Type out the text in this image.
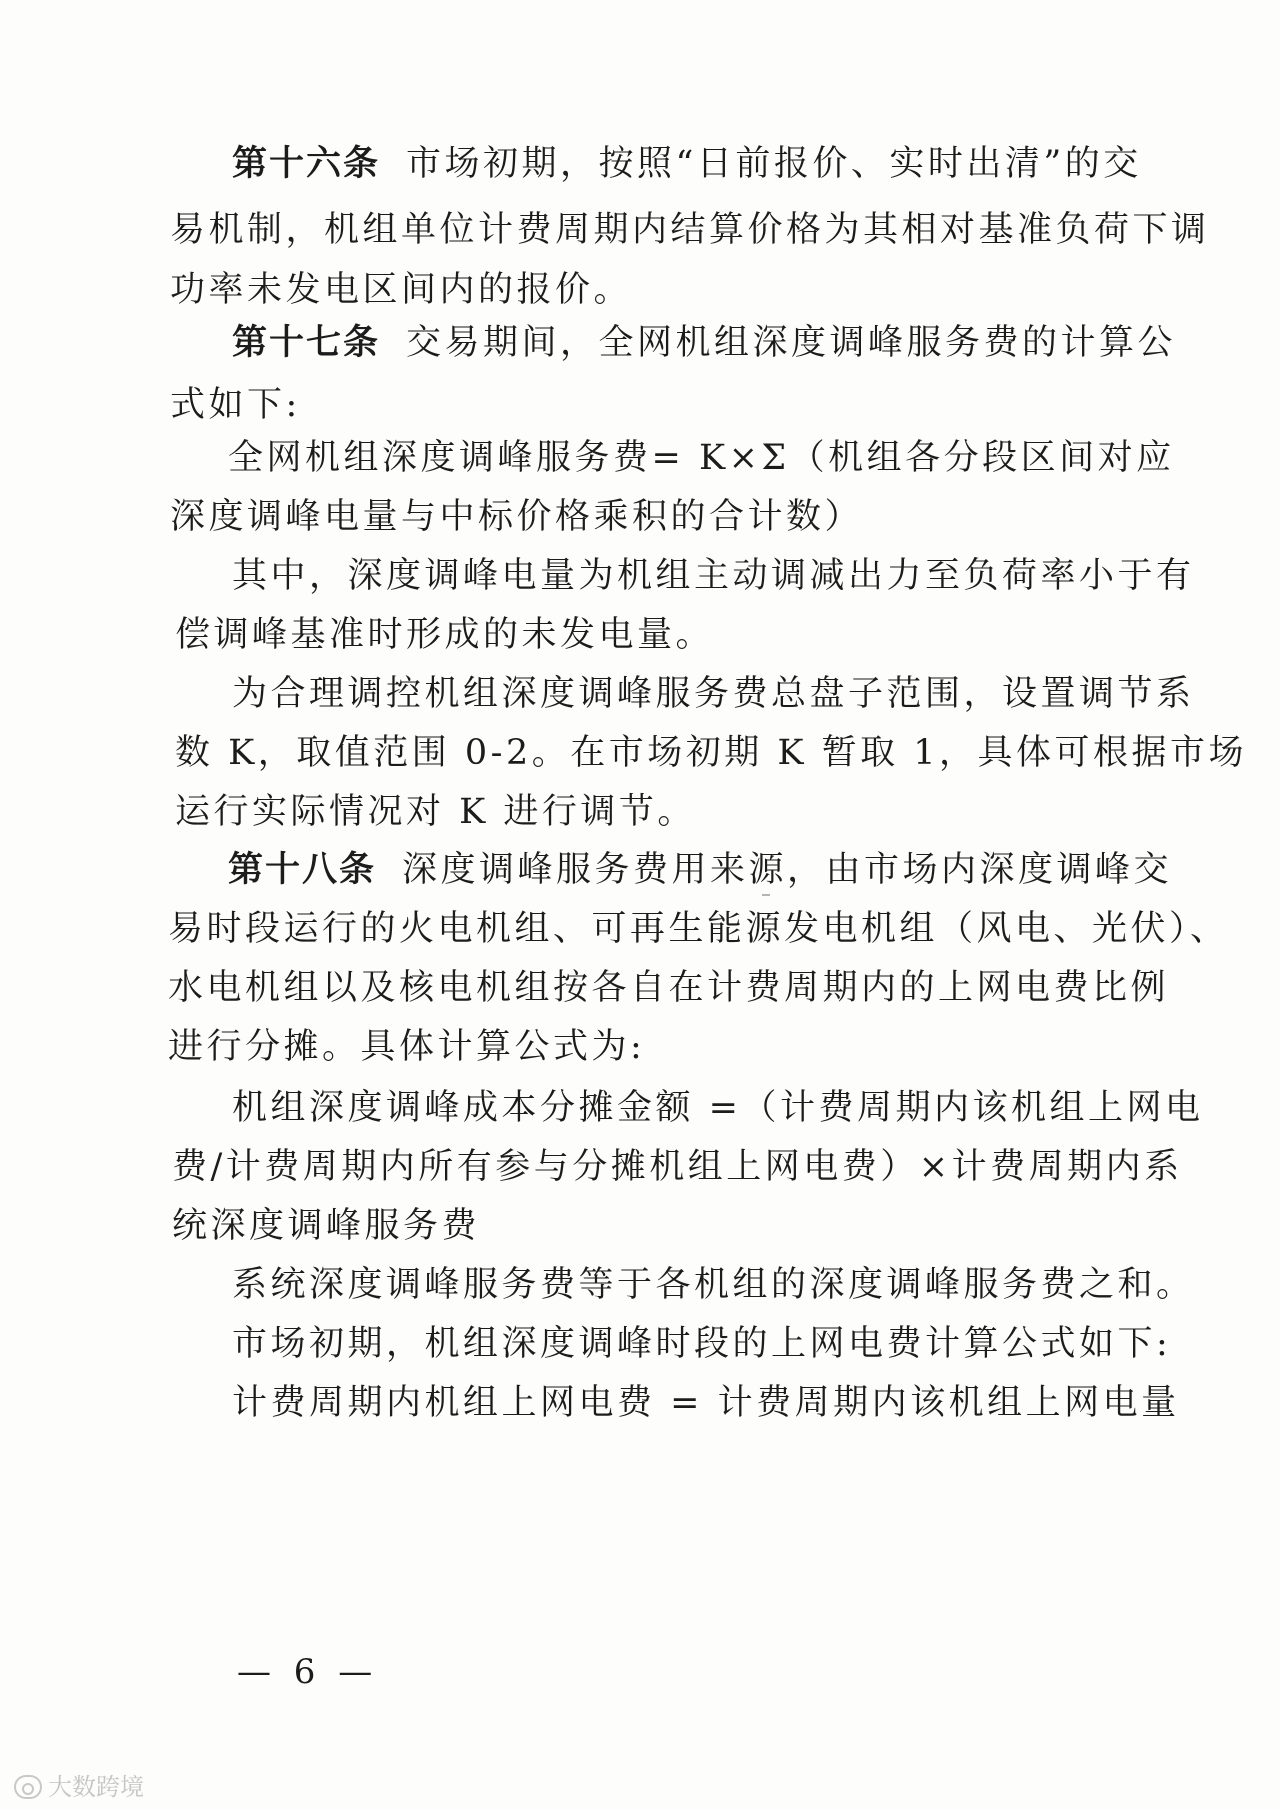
第十六条 市场初期，按照“日前报价、实时出清”的交
易机制，机组单位计费周期内结算价格为其相对基准负荷下调
功率未发电区间内的报价。
第十七条 交易期间，全网机组深度调峰服务费的计算公
式如下:
全网机组深度调峰服务费= K×Σ（机组各分段区间对应
深度调峰电量与中标价格乘积的合计数）
其中，深度调峰电量为机组主动调减出力至负荷率小于有
偿调峰基准时形成的未发电量。
为合理调控机组深度调峰服务费总盘子范围，设置调节系
数 K，取值范围 0-2。在市场初期 K 暂取 1，具体可根据市场
运行实际情况对 K 进行调节。
第十八条 深度调峰服务费用来源，由市场内深度调峰交
易时段运行的火电机组、可再生能源发电机组（风电、光伏）、
水电机组以及核电机组按各自在计费周期内的上网电费比例
进行分摊。具体计算公式为:
机组深度调峰成本分摊金额 =（计费周期内该机组上网电
费/计费周期内所有参与分摊机组上网电费）×计费周期内系
统深度调峰服务费
系统深度调峰服务费等于各机组的深度调峰服务费之和。
市场初期，机组深度调峰时段的上网电费计算公式如下:
计费周期内机组上网电费 = 计费周期内该机组上网电量
— 6 —
大数跨境
